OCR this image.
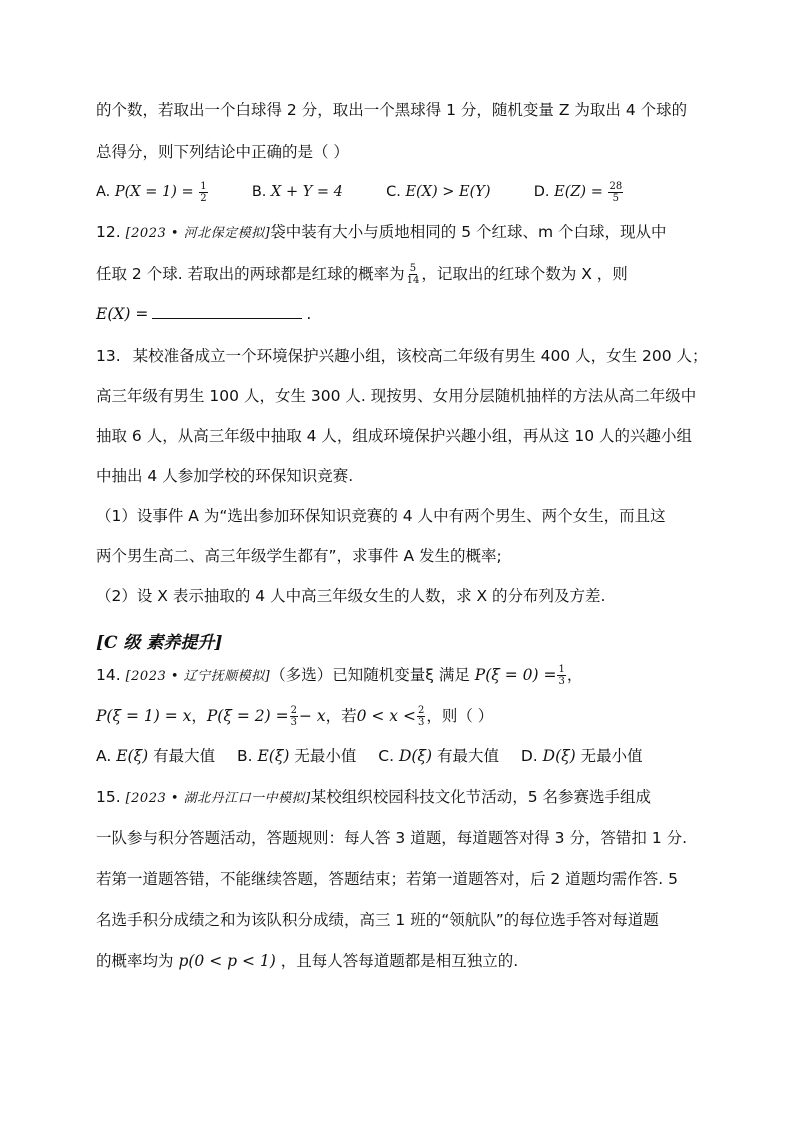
的个数，若取出一个白球得 2 分，取出一个黑球得 1 分，随机变量 Z 为取出 4 个球的
总得分，则下列结论中正确的是（ ）
A. $P(X = 1) = \frac{1}{2}$	B. X + Y = 4	C. E(X) > E(Y)	D. $E(Z) = \frac{28}{5}$
12. [2023 • 河北保定模拟]袋中装有大小与质地相同的 5 个红球、m 个白球，现从中
任取 2 个球. 若取出的两球都是红球的概率为 $\frac{5}{14}$ ，记取出的红球个数为 X ，则
E(X) =	.
13. 某校准备成立一个环境保护兴趣小组，该校高二年级有男生 400 人，女生 200 人；
高三年级有男生 100 人，女生 300 人. 现按男、女用分层随机抽样的方法从高二年级中
抽取 6 人，从高三年级中抽取 4 人，组成环境保护兴趣小组，再从这 10 人的兴趣小组
中抽出 4 人参加学校的环保知识竞赛.
（1）设事件 A 为“选出参加环保知识竞赛的 4 人中有两个男生、两个女生，而且这
两个男生高二、高三年级学生都有”，求事件 A 发生的概率;
（2）设 X 表示抽取的 4 人中高三年级女生的人数，求 X 的分布列及方差.
[C 级 素养提升]
14. [2023 • 辽宁抚顺模拟]（多选）已知随机变量ξ 满足 $P(\xi = 0) = \frac{1}{3}$ ，
P(ξ = 1) = x，$P(\xi = 2) = \frac{2}{3} - x$，若$0 < x < \frac{2}{3}$ ，则（ ）
A. E(ξ) 有最大值 B. E(ξ) 无最小值 C. D(ξ) 有最大值 D. D(ξ) 无最小值
15. [2023 • 湖北丹江口一中模拟]某校组织校园科技文化节活动，5 名参赛选手组成
一队参与积分答题活动，答题规则：每人答 3 道题，每道题答对得 3 分，答错扣 1 分.
若第一道题答错，不能继续答题，答题结束；若第一道题答对，后 2 道题均需作答. 5
名选手积分成绩之和为该队积分成绩，高三 1 班的“领航队”的每位选手答对每道题
的概率均为 p(0 < p < 1) ，且每人答每道题都是相互独立的.
